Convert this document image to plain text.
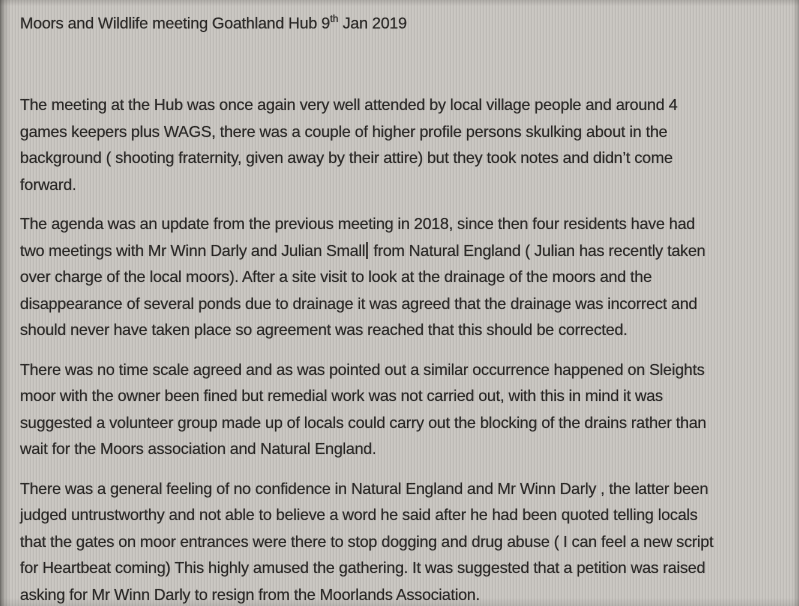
Moors and Wildlife meeting Goathland Hub 9th Jan 2019
The meeting at the Hub was once again very well attended by local village people and around 4
games keepers plus WAGS, there was a couple of higher profile persons skulking about in the
background ( shooting fraternity, given away by their attire) but they took notes and didn’t come
forward.
The agenda was an update from the previous meeting in 2018, since then four residents have had
two meetings with Mr Winn Darly and Julian Small from Natural England ( Julian has recently taken
over charge of the local moors). After a site visit to look at the drainage of the moors and the
disappearance of several ponds due to drainage it was agreed that the drainage was incorrect and
should never have taken place so agreement was reached that this should be corrected.
There was no time scale agreed and as was pointed out a similar occurrence happened on Sleights
moor with the owner been fined but remedial work was not carried out, with this in mind it was
suggested a volunteer group made up of locals could carry out the blocking of the drains rather than
wait for the Moors association and Natural England.
There was a general feeling of no confidence in Natural England and Mr Winn Darly , the latter been
judged untrustworthy and not able to believe a word he said after he had been quoted telling locals
that the gates on moor entrances were there to stop dogging and drug abuse ( I can feel a new script
for Heartbeat coming) This highly amused the gathering. It was suggested that a petition was raised
asking for Mr Winn Darly to resign from the Moorlands Association.
